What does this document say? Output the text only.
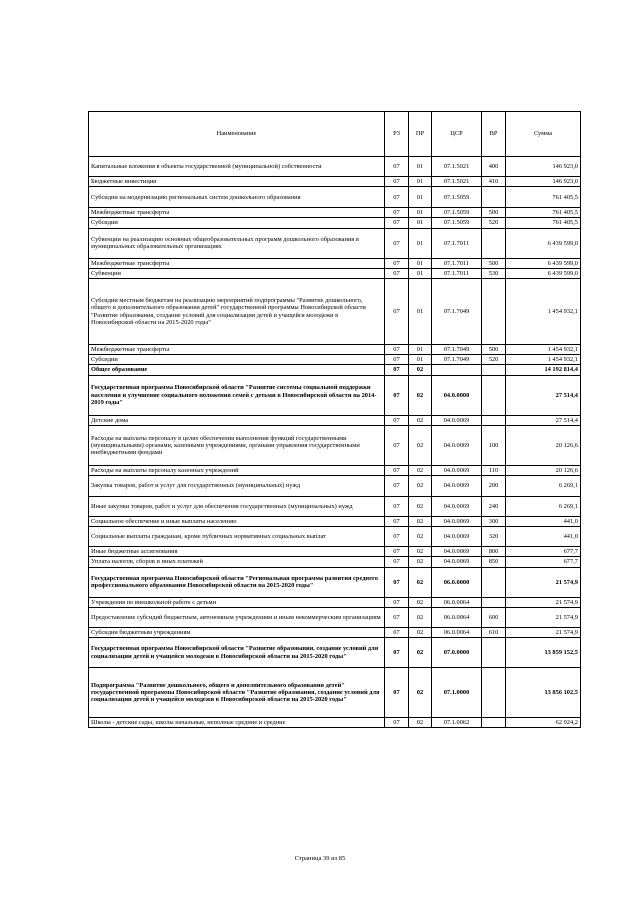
Наименование	РЗ	ПР	ЦСР	ВР	Сумма
Капитальные вложения в объекты государственной (муниципальной) собственности	07	01	07.1.5021	400	146 923,0
Бюджетные инвестиции	07	01	07.1.5021	410	146 923,0
Субсидии на модернизацию региональных систем дошкольного образования	07	01	07.1.5059		761 405,5
Межбюджетные трансферты	07	01	07.1.5059	500	761 405,5
Субсидии	07	01	07.1.5059	520	761 405,5
Субвенции на реализацию основных общеобразовательных программ дошкольного образования в муниципальных образовательных организациях	07	01	07.1.7011		6 439 599,0
Межбюджетные трансферты	07	01	07.1.7011	500	6 439 599,0
Субвенции	07	01	07.1.7011	530	6 439 599,0
Субсидии местным бюджетам на реализацию мероприятий подпрограммы "Развитие дошкольного, общего и дополнительного образования детей" государственной программы Новосибирской области "Развитие образования, создание условий для социализации детей и учащейся молодежи в Новосибирской области на 2015-2020 годы"	07	01	07.1.7049		1 454 932,1
Межбюджетные трансферты	07	01	07.1.7049	500	1 454 932,1
Субсидии	07	01	07.1.7049	520	1 454 932,1
Общее образование	07	02			14 192 814,4
Государственная программа Новосибирской области "Развитие системы социальной поддержки населения и улучшение социального положения семей с детьми в Новосибирской области на 2014-2019 годы"	07	02	04.0.0000		27 514,4
Детские дома	07	02	04.0.0069		27 514,4
Расходы на выплаты персоналу в целях обеспечения выполнения функций государственными (муниципальными) органами, казенными учреждениями, органами управления государственными внебюджетными фондами	07	02	04.0.0069	100	20 126,6
Расходы на выплаты персоналу казенных учреждений	07	02	04.0.0069	110	20 126,6
Закупка товаров, работ и услуг для государственных (муниципальных) нужд	07	02	04.0.0069	200	6 269,1
Иные закупки товаров, работ и услуг для обеспечения государственных (муниципальных) нужд	07	02	04.0.0069	240	6 269,1
Социальное обеспечение и иные выплаты населению	07	02	04.0.0069	300	441,0
Социальные выплаты гражданам, кроме публичных нормативных социальных выплат	07	02	04.0.0069	320	441,0
Иные бюджетные ассигнования	07	02	04.0.0069	800	677,7
Уплата налогов, сборов и иных платежей	07	02	04.0.0069	850	677,7
Государственная программа Новосибирской области "Региональная программа развития среднего профессионального образования Новосибирской области на 2015-2020 годы"	07	02	06.0.0000		21 574,9
Учреждения по внешкольной работе с детьми	07	02	06.0.0064		21 574,9
Предоставление субсидий бюджетным, автономным учреждениям и иным некоммерческим организациям	07	02	06.0.0064	600	21 574,9
Субсидии бюджетным учреждениям	07	02	06.0.0064	610	21 574,9
Государственная программа Новосибирской области "Развитие образования, создание условий для социализации детей и учащейся молодежи в Новосибирской области на 2015-2020 годы"	07	02	07.0.0000		13 859 152,5
Подпрограмма "Развитие дошкольного, общего и дополнительного образования детей" государственной программы Новосибирской области "Развитие образования, создание условий для социализации детей и учащейся молодежи в Новосибирской области на 2015-2020 годы"	07	02	07.1.0000		13 856 102,5
Школы - детские сады, школы начальные, неполные средние и средние	07	02	07.1.0062		62 924,2
Страница 39 из 85
